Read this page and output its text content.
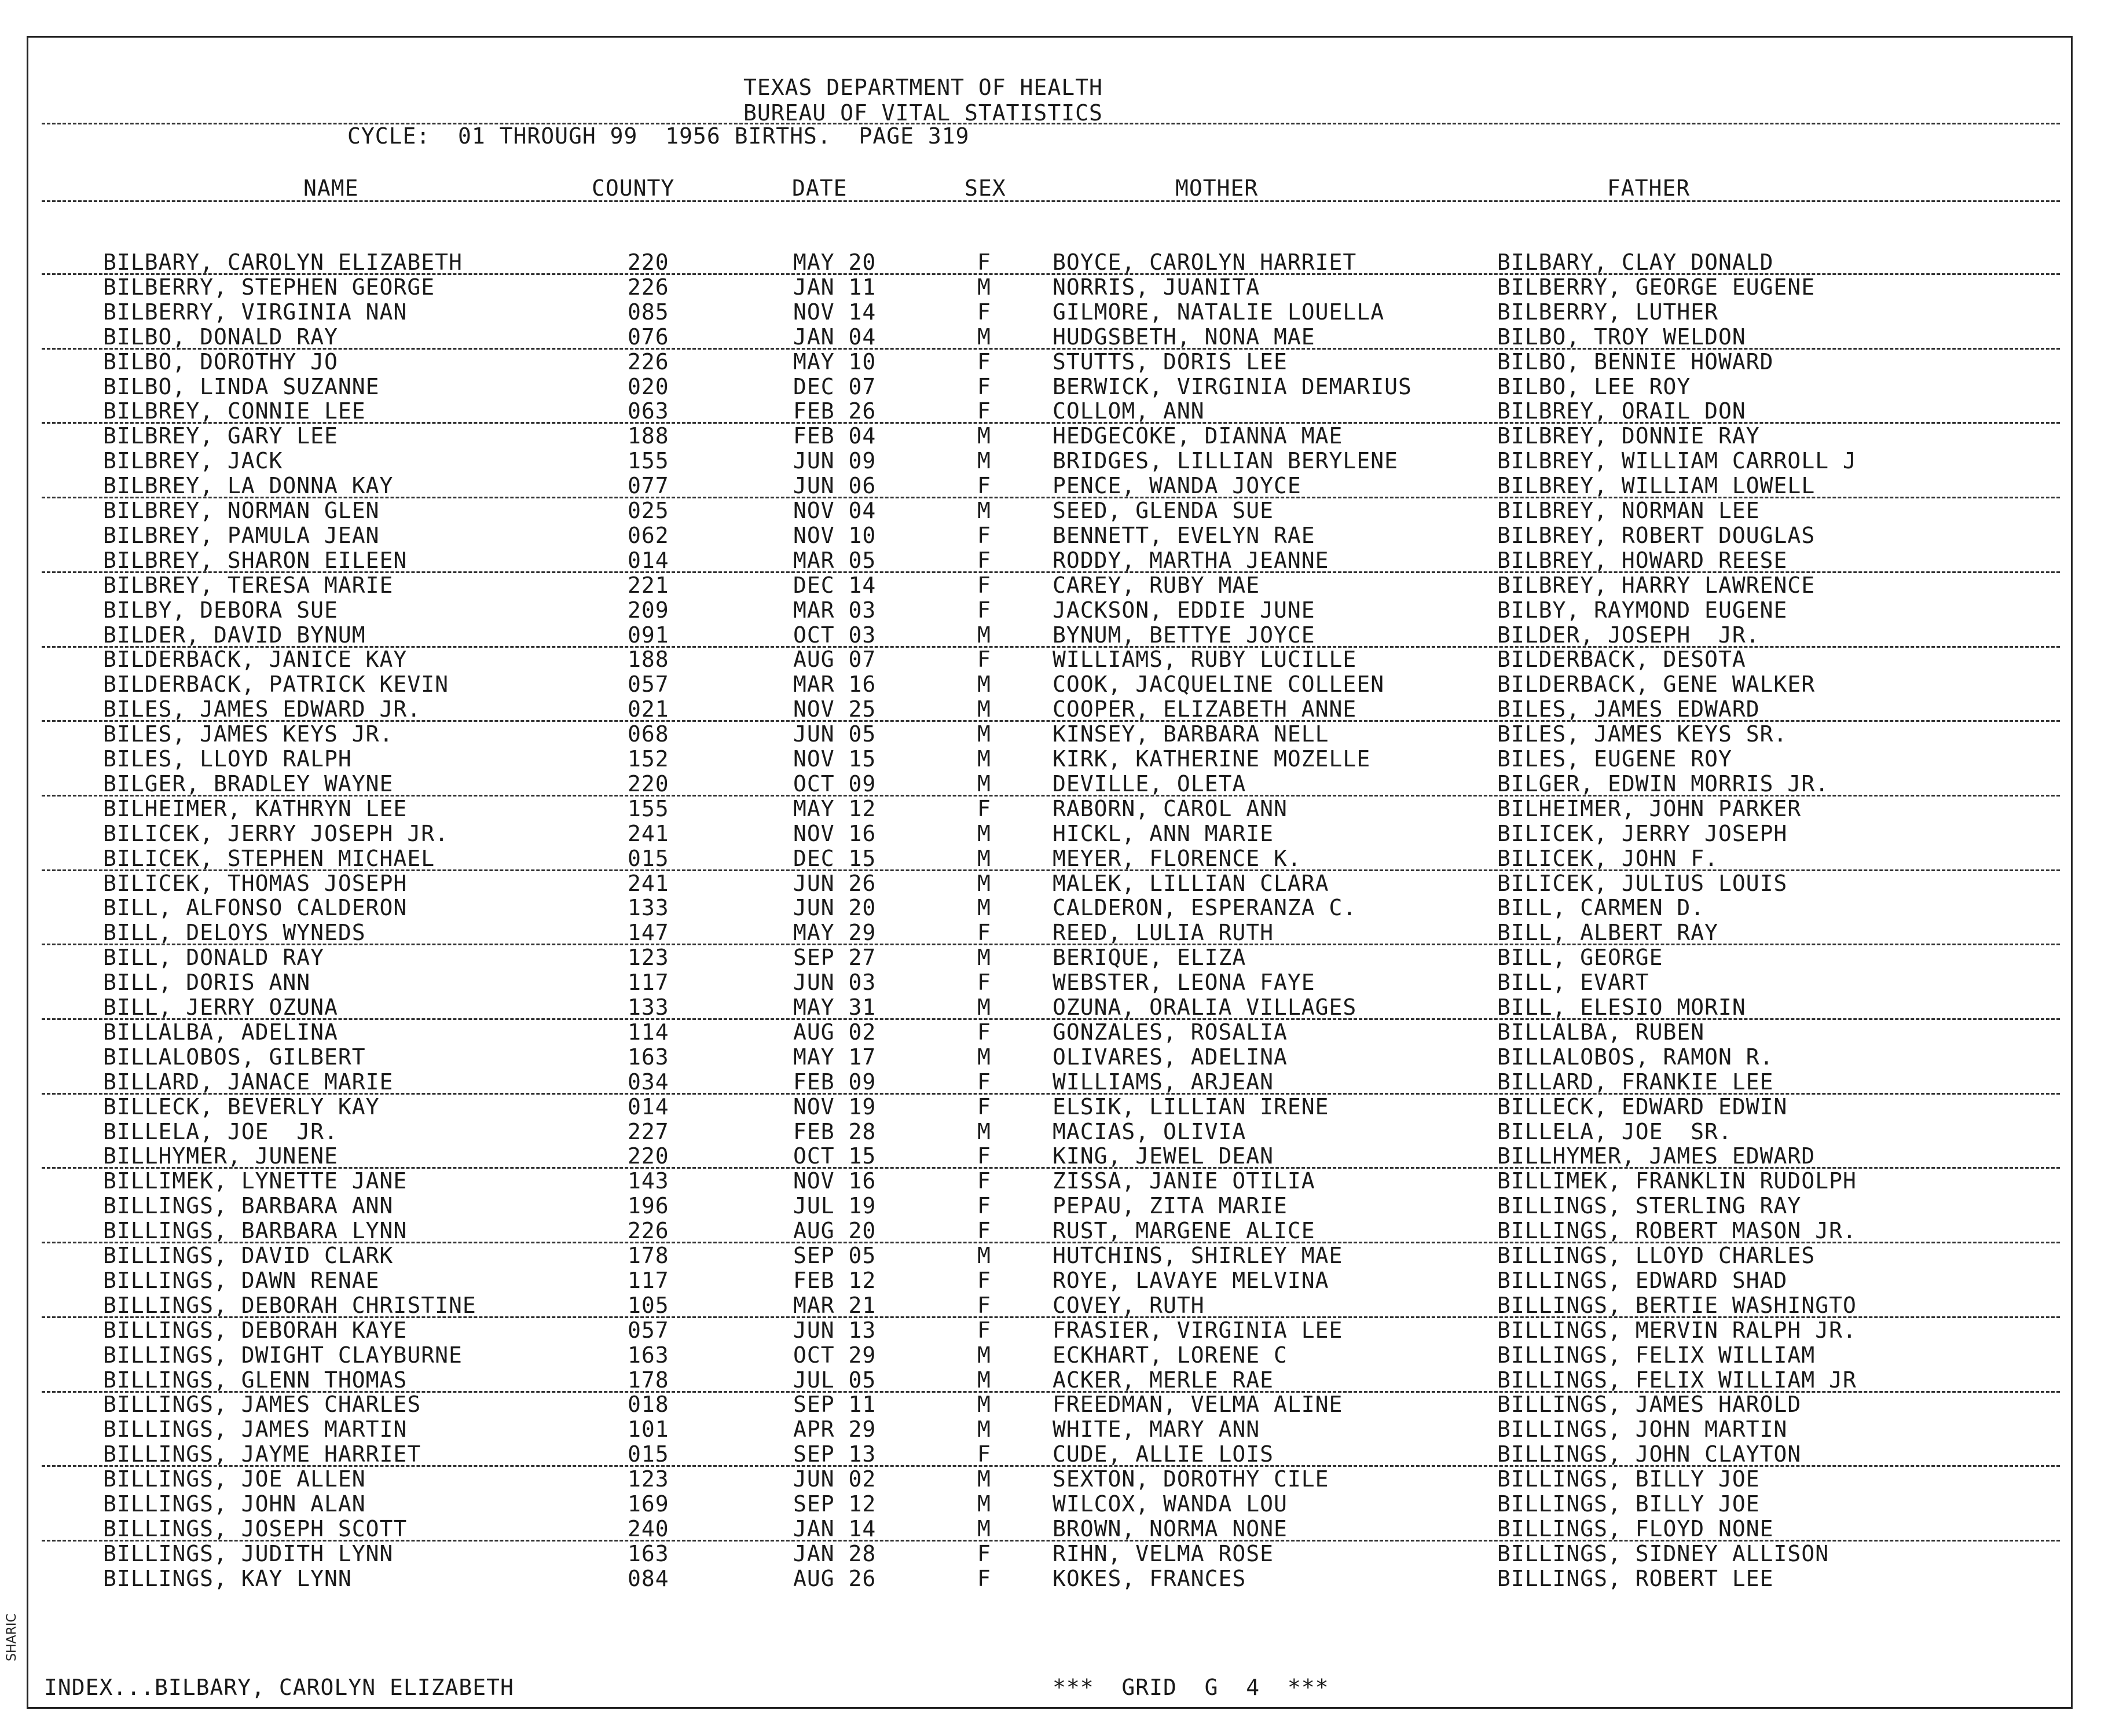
SHARIC
TEXAS DEPARTMENT OF HEALTH
BUREAU OF VITAL STATISTICS
CYCLE:  01 THROUGH 99  1956 BIRTHS.  PAGE 319
NAME	COUNTY	DATE	SEX	MOTHER	FATHER
BILBARY, CAROLYN ELIZABETH	220	MAY 20	F	BOYCE, CAROLYN HARRIET	BILBARY, CLAY DONALD
BILBERRY, STEPHEN GEORGE	226	JAN 11	M	NORRIS, JUANITA	BILBERRY, GEORGE EUGENE
BILBERRY, VIRGINIA NAN	085	NOV 14	F	GILMORE, NATALIE LOUELLA	BILBERRY, LUTHER
BILBO, DONALD RAY	076	JAN 04	M	HUDGSBETH, NONA MAE	BILBO, TROY WELDON
BILBO, DOROTHY JO	226	MAY 10	F	STUTTS, DORIS LEE	BILBO, BENNIE HOWARD
BILBO, LINDA SUZANNE	020	DEC 07	F	BERWICK, VIRGINIA DEMARIUS	BILBO, LEE ROY
BILBREY, CONNIE LEE	063	FEB 26	F	COLLOM, ANN	BILBREY, ORAIL DON
BILBREY, GARY LEE	188	FEB 04	M	HEDGECOKE, DIANNA MAE	BILBREY, DONNIE RAY
BILBREY, JACK	155	JUN 09	M	BRIDGES, LILLIAN BERYLENE	BILBREY, WILLIAM CARROLL J
BILBREY, LA DONNA KAY	077	JUN 06	F	PENCE, WANDA JOYCE	BILBREY, WILLIAM LOWELL
BILBREY, NORMAN GLEN	025	NOV 04	M	SEED, GLENDA SUE	BILBREY, NORMAN LEE
BILBREY, PAMULA JEAN	062	NOV 10	F	BENNETT, EVELYN RAE	BILBREY, ROBERT DOUGLAS
BILBREY, SHARON EILEEN	014	MAR 05	F	RODDY, MARTHA JEANNE	BILBREY, HOWARD REESE
BILBREY, TERESA MARIE	221	DEC 14	F	CAREY, RUBY MAE	BILBREY, HARRY LAWRENCE
BILBY, DEBORA SUE	209	MAR 03	F	JACKSON, EDDIE JUNE	BILBY, RAYMOND EUGENE
BILDER, DAVID BYNUM	091	OCT 03	M	BYNUM, BETTYE JOYCE	BILDER, JOSEPH  JR.
BILDERBACK, JANICE KAY	188	AUG 07	F	WILLIAMS, RUBY LUCILLE	BILDERBACK, DESOTA
BILDERBACK, PATRICK KEVIN	057	MAR 16	M	COOK, JACQUELINE COLLEEN	BILDERBACK, GENE WALKER
BILES, JAMES EDWARD JR.	021	NOV 25	M	COOPER, ELIZABETH ANNE	BILES, JAMES EDWARD
BILES, JAMES KEYS JR.	068	JUN 05	M	KINSEY, BARBARA NELL	BILES, JAMES KEYS SR.
BILES, LLOYD RALPH	152	NOV 15	M	KIRK, KATHERINE MOZELLE	BILES, EUGENE ROY
BILGER, BRADLEY WAYNE	220	OCT 09	M	DEVILLE, OLETA	BILGER, EDWIN MORRIS JR.
BILHEIMER, KATHRYN LEE	155	MAY 12	F	RABORN, CAROL ANN	BILHEIMER, JOHN PARKER
BILICEK, JERRY JOSEPH JR.	241	NOV 16	M	HICKL, ANN MARIE	BILICEK, JERRY JOSEPH
BILICEK, STEPHEN MICHAEL	015	DEC 15	M	MEYER, FLORENCE K.	BILICEK, JOHN F.
BILICEK, THOMAS JOSEPH	241	JUN 26	M	MALEK, LILLIAN CLARA	BILICEK, JULIUS LOUIS
BILL, ALFONSO CALDERON	133	JUN 20	M	CALDERON, ESPERANZA C.	BILL, CARMEN D.
BILL, DELOYS WYNEDS	147	MAY 29	F	REED, LULIA RUTH	BILL, ALBERT RAY
BILL, DONALD RAY	123	SEP 27	M	BERIQUE, ELIZA	BILL, GEORGE
BILL, DORIS ANN	117	JUN 03	F	WEBSTER, LEONA FAYE	BILL, EVART
BILL, JERRY OZUNA	133	MAY 31	M	OZUNA, ORALIA VILLAGES	BILL, ELESIO MORIN
BILLALBA, ADELINA	114	AUG 02	F	GONZALES, ROSALIA	BILLALBA, RUBEN
BILLALOBOS, GILBERT	163	MAY 17	M	OLIVARES, ADELINA	BILLALOBOS, RAMON R.
BILLARD, JANACE MARIE	034	FEB 09	F	WILLIAMS, ARJEAN	BILLARD, FRANKIE LEE
BILLECK, BEVERLY KAY	014	NOV 19	F	ELSIK, LILLIAN IRENE	BILLECK, EDWARD EDWIN
BILLELA, JOE  JR.	227	FEB 28	M	MACIAS, OLIVIA	BILLELA, JOE  SR.
BILLHYMER, JUNENE	220	OCT 15	F	KING, JEWEL DEAN	BILLHYMER, JAMES EDWARD
BILLIMEK, LYNETTE JANE	143	NOV 16	F	ZISSA, JANIE OTILIA	BILLIMEK, FRANKLIN RUDOLPH
BILLINGS, BARBARA ANN	196	JUL 19	F	PEPAU, ZITA MARIE	BILLINGS, STERLING RAY
BILLINGS, BARBARA LYNN	226	AUG 20	F	RUST, MARGENE ALICE	BILLINGS, ROBERT MASON JR.
BILLINGS, DAVID CLARK	178	SEP 05	M	HUTCHINS, SHIRLEY MAE	BILLINGS, LLOYD CHARLES
BILLINGS, DAWN RENAE	117	FEB 12	F	ROYE, LAVAYE MELVINA	BILLINGS, EDWARD SHAD
BILLINGS, DEBORAH CHRISTINE	105	MAR 21	F	COVEY, RUTH	BILLINGS, BERTIE WASHINGTO
BILLINGS, DEBORAH KAYE	057	JUN 13	F	FRASIER, VIRGINIA LEE	BILLINGS, MERVIN RALPH JR.
BILLINGS, DWIGHT CLAYBURNE	163	OCT 29	M	ECKHART, LORENE C	BILLINGS, FELIX WILLIAM
BILLINGS, GLENN THOMAS	178	JUL 05	M	ACKER, MERLE RAE	BILLINGS, FELIX WILLIAM JR
BILLINGS, JAMES CHARLES	018	SEP 11	M	FREEDMAN, VELMA ALINE	BILLINGS, JAMES HAROLD
BILLINGS, JAMES MARTIN	101	APR 29	M	WHITE, MARY ANN	BILLINGS, JOHN MARTIN
BILLINGS, JAYME HARRIET	015	SEP 13	F	CUDE, ALLIE LOIS	BILLINGS, JOHN CLAYTON
BILLINGS, JOE ALLEN	123	JUN 02	M	SEXTON, DOROTHY CILE	BILLINGS, BILLY JOE
BILLINGS, JOHN ALAN	169	SEP 12	M	WILCOX, WANDA LOU	BILLINGS, BILLY JOE
BILLINGS, JOSEPH SCOTT	240	JAN 14	M	BROWN, NORMA NONE	BILLINGS, FLOYD NONE
BILLINGS, JUDITH LYNN	163	JAN 28	F	RIHN, VELMA ROSE	BILLINGS, SIDNEY ALLISON
BILLINGS, KAY LYNN	084	AUG 26	F	KOKES, FRANCES	BILLINGS, ROBERT LEE
INDEX...BILBARY, CAROLYN ELIZABETH	***  GRID  G  4  ***
